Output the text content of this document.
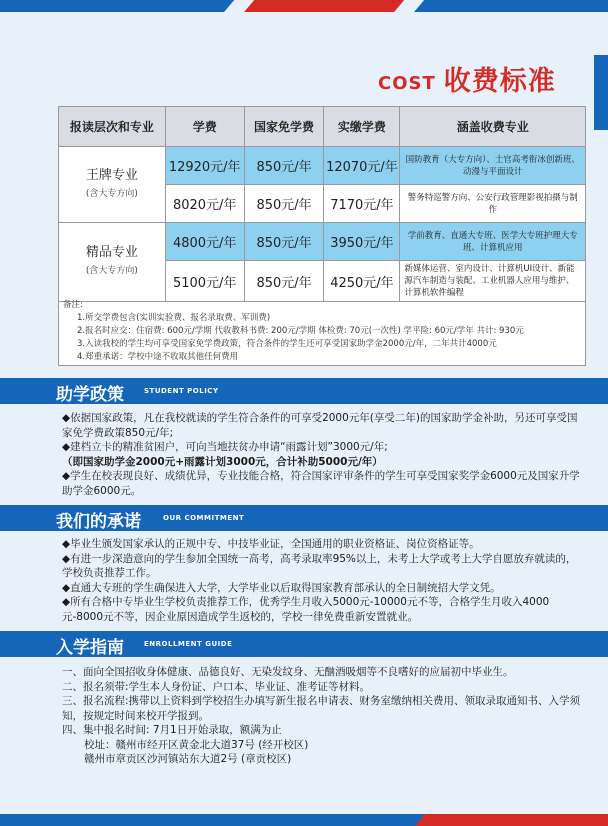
COST 收费标准
报读层次和专业	学费	国家免学费	实缴学费	涵盖收费专业
王牌专业
(含大专方向)	12920元/年	850元/年	12070元/年	国防教育（大专方向）、士官高考衔冰创新班、动漫与平面设计
	8020元/年	850元/年	7170元/年	警务特巡警方向、公安行政管理影视拍摄与制作
精品专业
(含大专方向)	4800元/年	850元/年	3950元/年	学前教育、直通大专班、医学大专班护理大专班、计算机应用
	5100元/年	850元/年	4250元/年	新媒体运营、室内设计、计算机UI设计、新能源汽车制造与装配、工业机器人应用与维护、计算机软件编程
备注:
1.所交学费包含(实训实验费、报名录取费、军训费)
2.报名时应交：住宿费: 600元/学期 代收教科书费: 200元/学期 体检费: 70元(一次性) 学平险: 60元/学年 共计: 930元
3.入读我校的学生均可享受国家免学费政策，符合条件的学生还可享受国家助学金2000元/年，二年共计4000元
4.郑重承诺：学校中途不收取其他任何费用
助学政策	STUDENT POLICY

◆依据国家政策，凡在我校就读的学生符合条件的可享受2000元年(享受二年)的国家助学金补助，另还可享受国家免学费政策850元/年;

◆建档立卡的精准贫困户，可向当地扶贫办申请“雨露计划”3000元/年;

（即国家助学金2000元+雨露计划3000元，合计补助5000元/年）

◆学生在校表现良好、成绩优异，专业技能合格，符合国家评审条件的学生可享受国家奖学金6000元及国家升学助学金6000元。

我们的承诺	OUR COMMITMENT

◆毕业生颁发国家承认的正规中专、中技毕业证，全国通用的职业资格证、岗位资格证等。

◆有进一步深造意向的学生参加全国统一高考，高考录取率95%以上，未考上大学或考上大学自愿放弃就读的，学校负责推荐工作。

◆直通大专班的学生确保进入大学，大学毕业以后取得国家教育部承认的全日制统招大学文凭。

◆所有合格中专毕业生学校负责推荐工作，优秀学生月收入5000元-10000元不等，合格学生月收入4000元-8000元不等，因企业原因造成学生返校的，学校一律免费重新安置就业。

入学指南	ENROLLMENT GUIDE

一、面向全国招收身体健康、品德良好、无染发纹身、无酗酒吸烟等不良嗜好的应届初中毕业生。

二、报名须带:学生本人身份证、户口本、毕业证、准考证等材料。

三、报名流程:携带以上资料到学校招生办填写新生报名申请表、财务室缴纳相关费用、领取录取通知书、入学须知，按规定时间来校开学报到。

四、集中报名时间: 7月1日开始录取，额满为止

校址：赣州市经开区黄金北大道37号 (经开校区)

赣州市章贡区沙河镇站东大道2号 (章贡校区)
